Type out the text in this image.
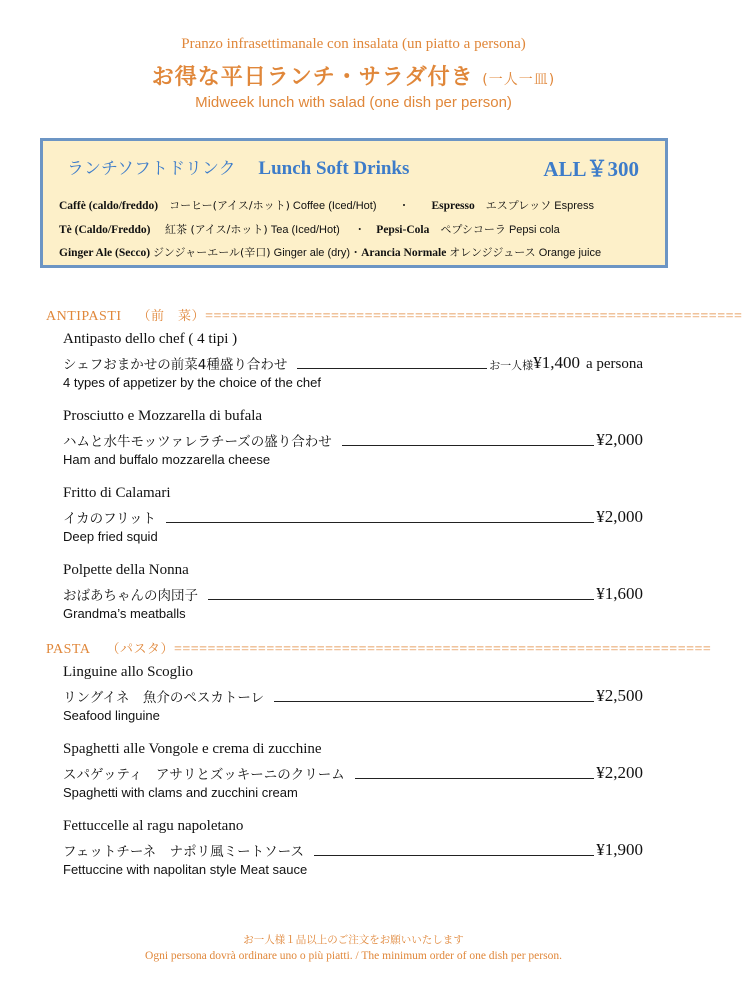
Pranzo infrasettimanale con insalata (un piatto a persona)
お得な平日ランチ・サラダ付き (一人一皿)
Midweek lunch with salad (one dish per person)
ランチソフトドリンク Lunch Soft Drinks	ALL￥300
Caffè (caldo/freddo)　コーヒー(アイス/ホット) Coffee (Iced/Hot)　　・　　Espresso　エスプレッソ Espress
Tè (Caldo/Freddo)　 紅茶 (アイス/ホット) Tea (Iced/Hot)　 ・　Pepsi-Cola　ペプシコーラ Pepsi cola
Ginger Ale (Secco) ジンジャーエール(辛口) Ginger ale (dry)・Arancia Normale オレンジジュース Orange juice
ANTIPASTI （前　菜）================================================================
Antipasto dello chef ( 4 tipi )
シェフおまかせの前菜4種盛り合わせ	お一人様 ¥1,400 a persona
4 types of appetizer by the choice of the chef
Prosciutto e Mozzarella di bufala
ハムと水牛モッツァレラチーズの盛り合わせ	¥2,000
Ham and buffalo mozzarella cheese
Fritto di Calamari
イカのフリット	¥2,000
Deep fried squid
Polpette della Nonna
おばあちゃんの肉団子	¥1,600
Grandma’s meatballs
PASTA （パスタ）================================================================
Linguine allo Scoglio
リングイネ　魚介のペスカトーレ	¥2,500
Seafood linguine
Spaghetti alle Vongole e crema di zucchine
スパゲッティ　アサリとズッキーニのクリーム	¥2,200
Spaghetti with clams and zucchini cream
Fettuccelle al ragu napoletano
フェットチーネ　ナポリ風ミートソース	¥1,900
Fettuccine with napolitan style Meat sauce
お一人様１品以上のご注文をお願いいたします
Ogni persona dovrà ordinare uno o più piatti. / The minimum order of one dish per person.
